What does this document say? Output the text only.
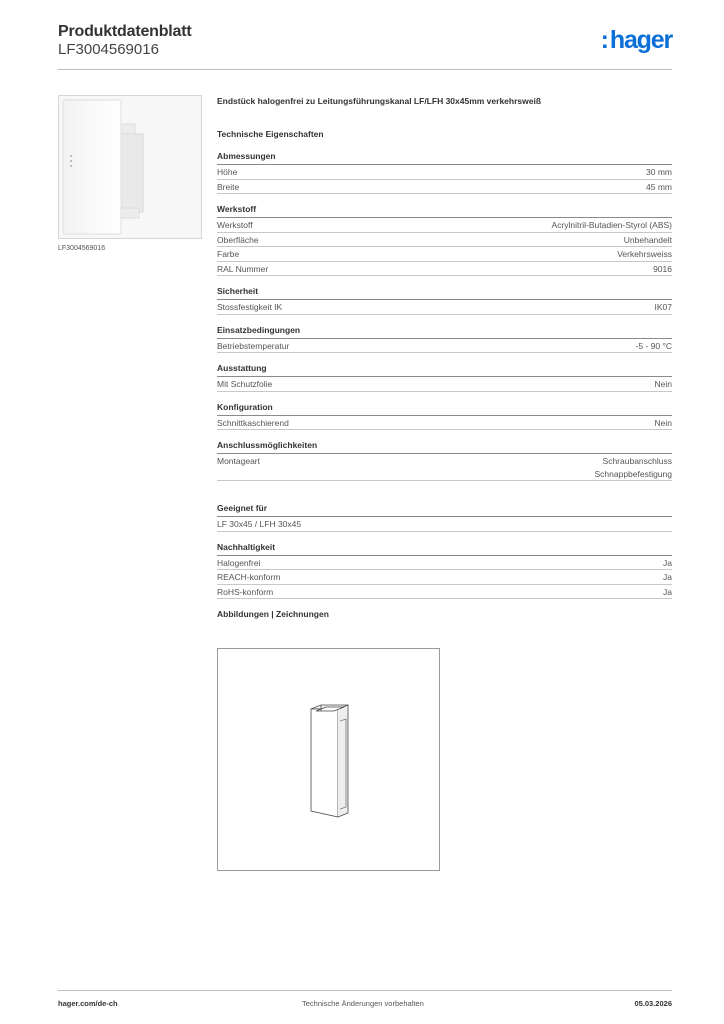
Produktdatenblatt
LF3004569016	:hager
LF3004569016
Endstück halogenfrei zu Leitungsführungskanal LF/LFH 30x45mm verkehrsweiß
Technische Eigenschaften
Abmessungen
Höhe	30 mm
Breite	45 mm
Werkstoff
Werkstoff	Acrylnitril-Butadien-Styrol (ABS)
Oberfläche	Unbehandelt
Farbe	Verkehrsweiss
RAL Nummer	9016
Sicherheit
Stossfestigkeit IK	IK07
Einsatzbedingungen
Betriebstemperatur	-5 - 90 °C
Ausstattung
Mit Schutzfolie	Nein
Konfiguration
Schnittkaschierend	Nein
Anschlussmöglichkeiten
Montageart	Schraubanschluss
Schnappbefestigung
Geeignet für
LF 30x45 / LFH 30x45
Nachhaltigkeit
Halogenfrei	Ja
REACH-konform	Ja
RoHS-konform	Ja
Abbildungen | Zeichnungen
hager.com/de-ch	Technische Änderungen vorbehalten	05.03.2026
